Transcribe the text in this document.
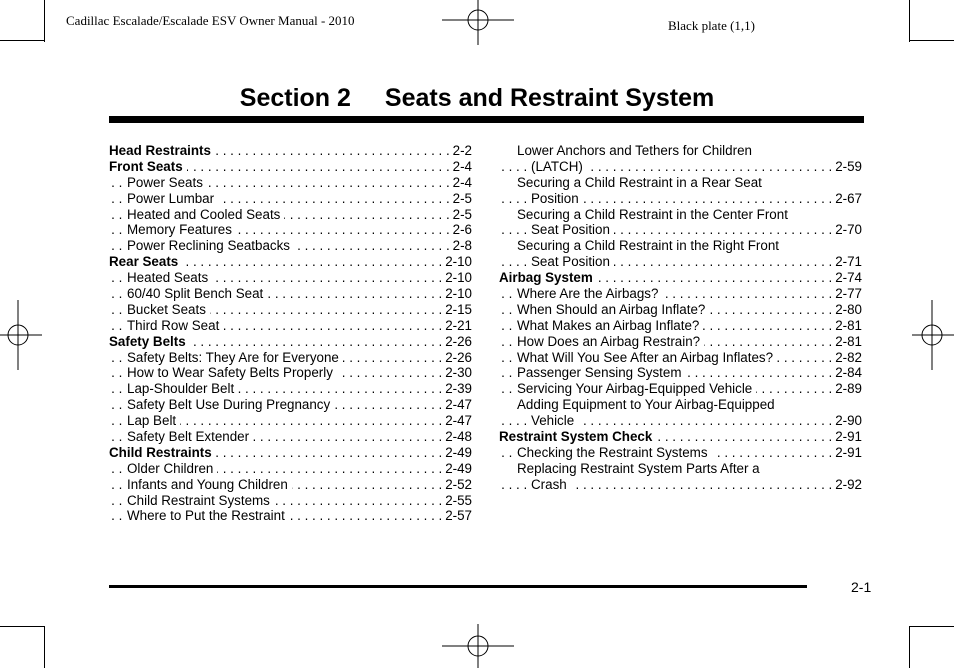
Cadillac Escalade/Escalade ESV Owner Manual - 2010	Black plate (1,1)
Section 2 Seats and Restraint System
. . .
Head Restraints	2-2
. . .
Front Seats	2-4
. . .
Power Seats	2-4
. . .
Power Lumbar	2-5
. . .
Heated and Cooled Seats	2-5
. . .
Memory Features	2-6
. . .
Power Reclining Seatbacks	2-8
. . .
Rear Seats	2-10
. . .
Heated Seats	2-10
. . .
60/40 Split Bench Seat	2-10
. . .
Bucket Seats	2-15
. . .
Third Row Seat	2-21
. . .
Safety Belts	2-26
. . .
Safety Belts: They Are for Everyone	2-26
. . .
How to Wear Safety Belts Properly	2-30
. . .
Lap-Shoulder Belt	2-39
. . .
Safety Belt Use During Pregnancy	2-47
. . .
Lap Belt	2-47
. . .
Safety Belt Extender	2-48
. . .
Child Restraints	2-49
. . .
Older Children	2-49
. . .
Infants and Young Children	2-52
. . .
Child Restraint Systems	2-55
. . .
Where to Put the Restraint	2-57
Lower Anchors and Tethers for Children
. . .
(LATCH)	2-59
Securing a Child Restraint in a Rear Seat
. . .
Position	2-67
Securing a Child Restraint in the Center Front
. . .
Seat Position	2-70
Securing a Child Restraint in the Right Front
. . .
Seat Position	2-71
. . .
Airbag System	2-74
. . .
Where Are the Airbags?	2-77
. . .
When Should an Airbag Inflate?	2-80
. . .
What Makes an Airbag Inflate?	2-81
. . .
How Does an Airbag Restrain?	2-81
. . .
What Will You See After an Airbag Inflates?	2-82
. . .
Passenger Sensing System	2-84
. . .
Servicing Your Airbag-Equipped Vehicle	2-89
Adding Equipment to Your Airbag-Equipped
. . .
Vehicle	2-90
. . .
Restraint System Check	2-91
. . .
Checking the Restraint Systems	2-91
Replacing Restraint System Parts After a
. . .
Crash	2-92
2-1
